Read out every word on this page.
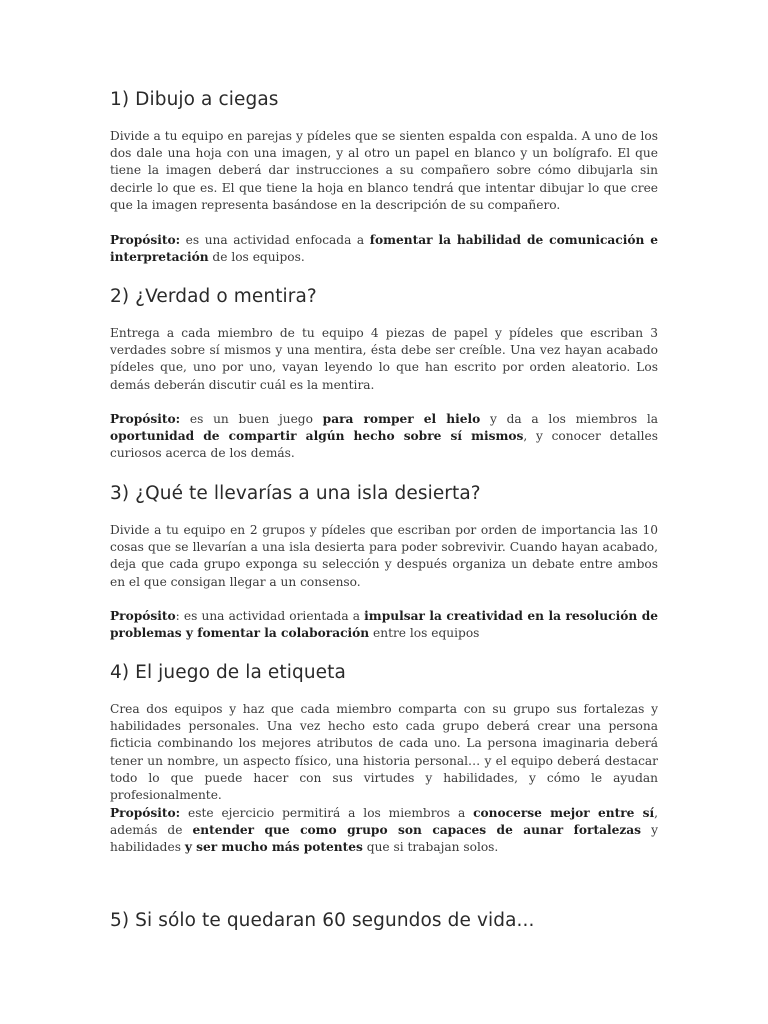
1) Dibujo a ciegas

Divide a tu equipo en parejas y pídeles que se sienten espalda con espalda. A uno de los dos dale una hoja con una imagen, y al otro un papel en blanco y un bolígrafo. El que tiene la imagen deberá dar instrucciones a su compañero sobre cómo dibujarla sin decirle lo que es. El que tiene la hoja en blanco tendrá que intentar dibujar lo que cree que la imagen representa basándose en la descripción de su compañero.

Propósito: es una actividad enfocada a fomentar la habilidad de comunicación e interpretación de los equipos.

2) ¿Verdad o mentira?

Entrega a cada miembro de tu equipo 4 piezas de papel y pídeles que escriban 3 verdades sobre sí mismos y una mentira, ésta debe ser creíble. Una vez hayan acabado pídeles que, uno por uno, vayan leyendo lo que han escrito por orden aleatorio. Los demás deberán discutir cuál es la mentira.

Propósito: es un buen juego para romper el hielo y da a los miembros la oportunidad de compartir algún hecho sobre sí mismos, y conocer detalles curiosos acerca de los demás.

3) ¿Qué te llevarías a una isla desierta?

Divide a tu equipo en 2 grupos y pídeles que escriban por orden de importancia las 10 cosas que se llevarían a una isla desierta para poder sobrevivir. Cuando hayan acabado, deja que cada grupo exponga su selección y después organiza un debate entre ambos en el que consigan llegar a un consenso.

Propósito: es una actividad orientada a impulsar la creatividad en la resolución de problemas y fomentar la colaboración entre los equipos

4) El juego de la etiqueta

Crea dos equipos y haz que cada miembro comparta con su grupo sus fortalezas y habilidades personales. Una vez hecho esto cada grupo deberá crear una persona ficticia combinando los mejores atributos de cada uno. La persona imaginaria deberá tener un nombre, un aspecto físico, una historia personal… y el equipo deberá destacar todo lo que puede hacer con sus virtudes y habilidades, y cómo le ayudan profesionalmente.

Propósito: este ejercicio permitirá a los miembros a conocerse mejor entre sí, además de entender que como grupo son capaces de aunar fortalezas y habilidades y ser mucho más potentes que si trabajan solos.

5) Si sólo te quedaran 60 segundos de vida...
